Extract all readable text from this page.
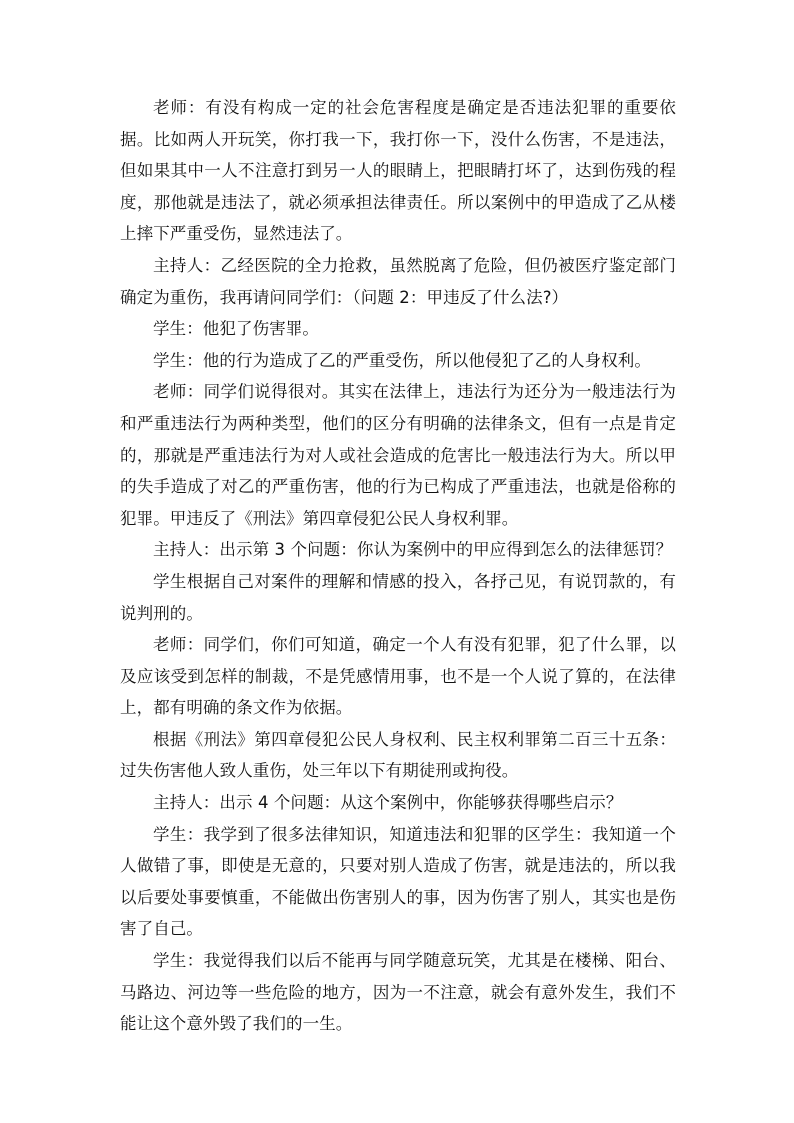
老师：有没有构成一定的社会危害程度是确定是否违法犯罪的重要依据。比如两人开玩笑，你打我一下，我打你一下，没什么伤害，不是违法，但如果其中一人不注意打到另一人的眼睛上，把眼睛打坏了，达到伤残的程度，那他就是违法了，就必须承担法律责任。所以案例中的甲造成了乙从楼上摔下严重受伤，显然违法了。

主持人：乙经医院的全力抢救，虽然脱离了危险，但仍被医疗鉴定部门确定为重伤，我再请问同学们：（问题 2：甲违反了什么法?）

学生：他犯了伤害罪。

学生：他的行为造成了乙的严重受伤，所以他侵犯了乙的人身权利。

老师：同学们说得很对。其实在法律上，违法行为还分为一般违法行为和严重违法行为两种类型，他们的区分有明确的法律条文，但有一点是肯定的，那就是严重违法行为对人或社会造成的危害比一般违法行为大。所以甲的失手造成了对乙的严重伤害，他的行为已构成了严重违法，也就是俗称的犯罪。甲违反了《刑法》第四章侵犯公民人身权利罪。

主持人：出示第 3 个问题：你认为案例中的甲应得到怎么的法律惩罚？

学生根据自己对案件的理解和情感的投入，各抒己见，有说罚款的，有说判刑的。

老师：同学们，你们可知道，确定一个人有没有犯罪，犯了什么罪，以及应该受到怎样的制裁，不是凭感情用事，也不是一个人说了算的，在法律上，都有明确的条文作为依据。

根据《刑法》第四章侵犯公民人身权利、民主权利罪第二百三十五条：过失伤害他人致人重伤，处三年以下有期徒刑或拘役。

主持人：出示 4 个问题：从这个案例中，你能够获得哪些启示？

学生：我学到了很多法律知识，知道违法和犯罪的区学生：我知道一个人做错了事，即使是无意的，只要对别人造成了伤害，就是违法的，所以我以后要处事要慎重，不能做出伤害别人的事，因为伤害了别人，其实也是伤害了自己。

学生：我觉得我们以后不能再与同学随意玩笑，尤其是在楼梯、阳台、马路边、河边等一些危险的地方，因为一不注意，就会有意外发生，我们不能让这个意外毁了我们的一生。
